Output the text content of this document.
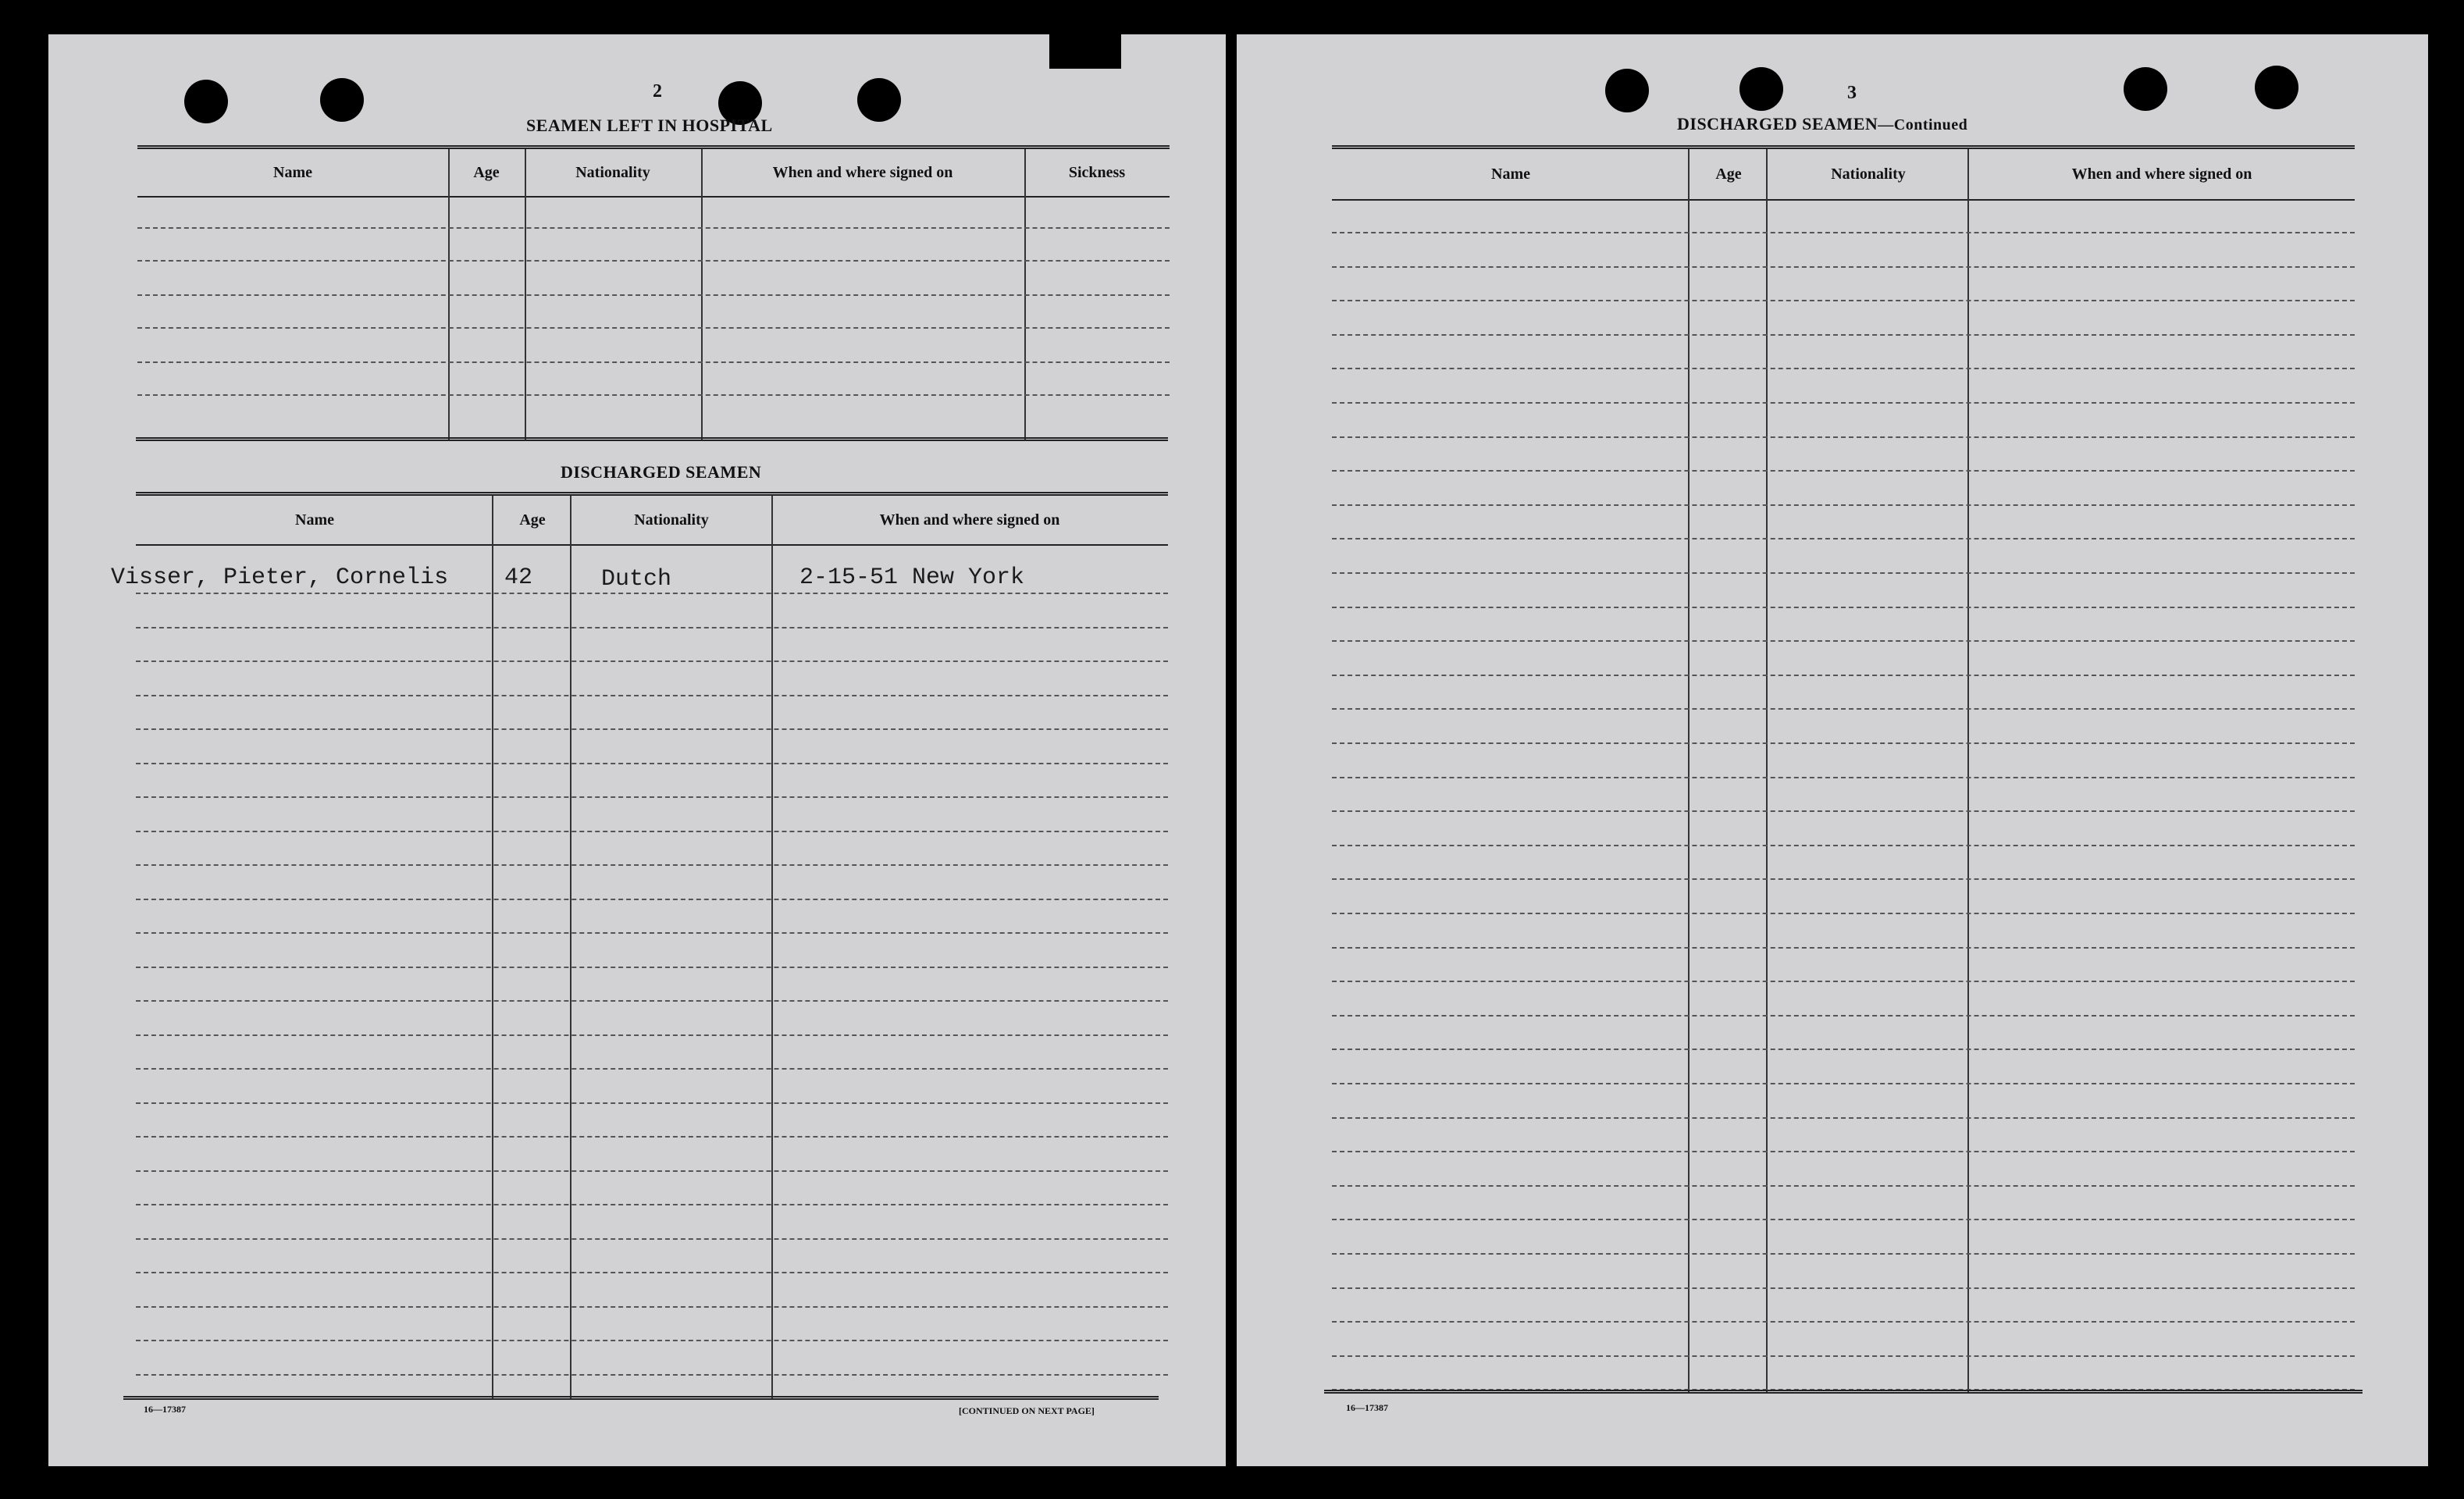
2
SEAMEN LEFT IN HOSPITAL
Name	Age	Nationality	When and where signed on	Sickness
DISCHARGED SEAMEN
Name	Age	Nationality	When and where signed on
Visser, Pieter, Cornelis 42	Dutch	2-15-51 New York
16—17387	[CONTINUED ON NEXT PAGE]
3
DISCHARGED SEAMEN—Continued
Name	Age	Nationality	When and where signed on
16—17387
